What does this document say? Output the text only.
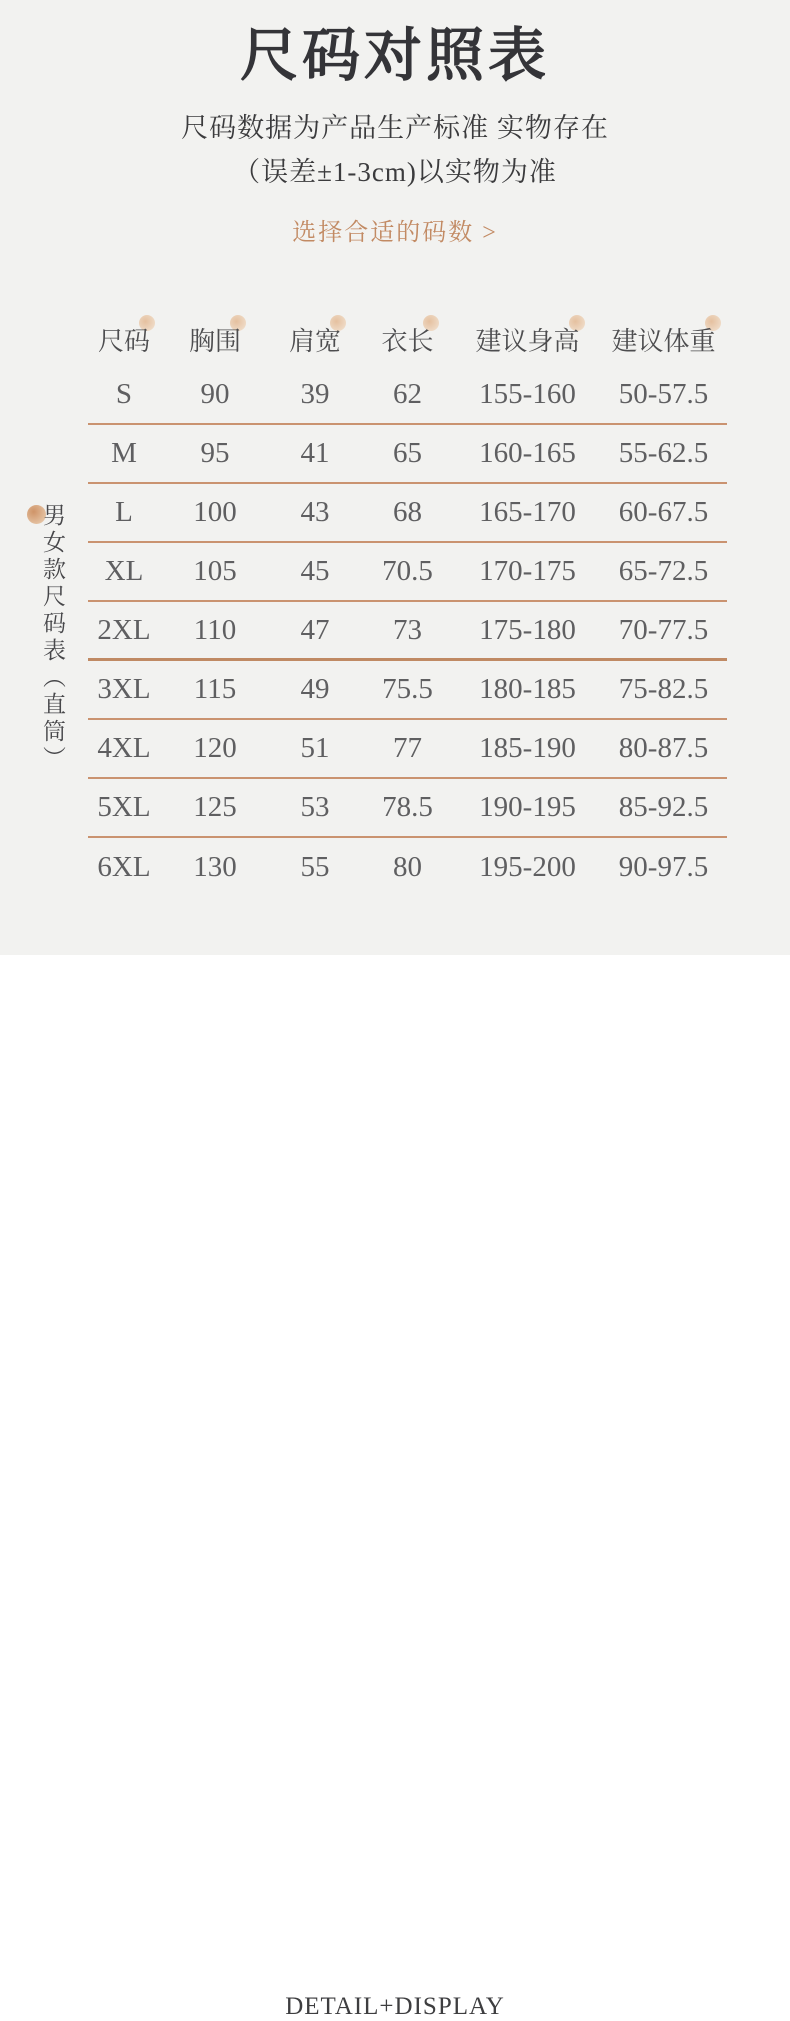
尺码对照表
尺码数据为产品生产标准 实物存在
（误差±1-3cm)以实物为准
选择合适的码数 >
男女款尺码表（直筒）
尺码	胸围	肩宽	衣长	建议身高	建议体重
S	90	39	62	155-160	50-57.5
M	95	41	65	160-165	55-62.5
L	100	43	68	165-170	60-67.5
XL	105	45	70.5	170-175	65-72.5
2XL	110	47	73	175-180	70-77.5
3XL	115	49	75.5	180-185	75-82.5
4XL	120	51	77	185-190	80-87.5
5XL	125	53	78.5	190-195	85-92.5
6XL	130	55	80	195-200	90-97.5
DETAIL+DISPLAY
